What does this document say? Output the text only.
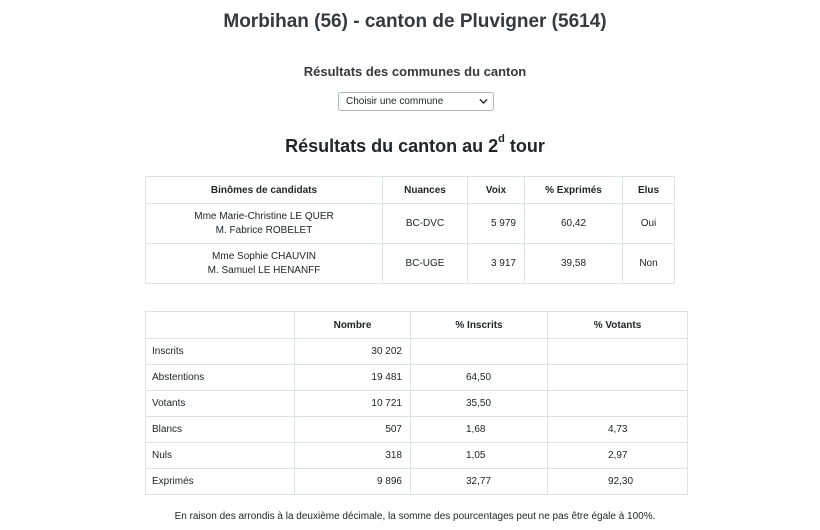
Morbihan (56) - canton de Pluvigner (5614)
Résultats des communes du canton
Choisir une commune
Résultats du canton au 2$^d$ tour
Binômes de candidats	Nuances	Voix	% Exprimés	Elus
Mme Marie-Christine LE QUER
M. Fabrice ROBELET	BC-DVC	5 979	60,42	Oui
Mme Sophie CHAUVIN
M. Samuel LE HENANFF	BC-UGE	3 917	39,58	Non
	Nombre	% Inscrits	% Votants
Inscrits	30 202		
Abstentions	19 481	64,50	
Votants	10 721	35,50	
Blancs	507	1,68	4,73
Nuls	318	1,05	2,97
Exprimés	9 896	32,77	92,30
En raison des arrondis à la deuxième décimale, la somme des pourcentages peut ne pas être égale à 100%.
